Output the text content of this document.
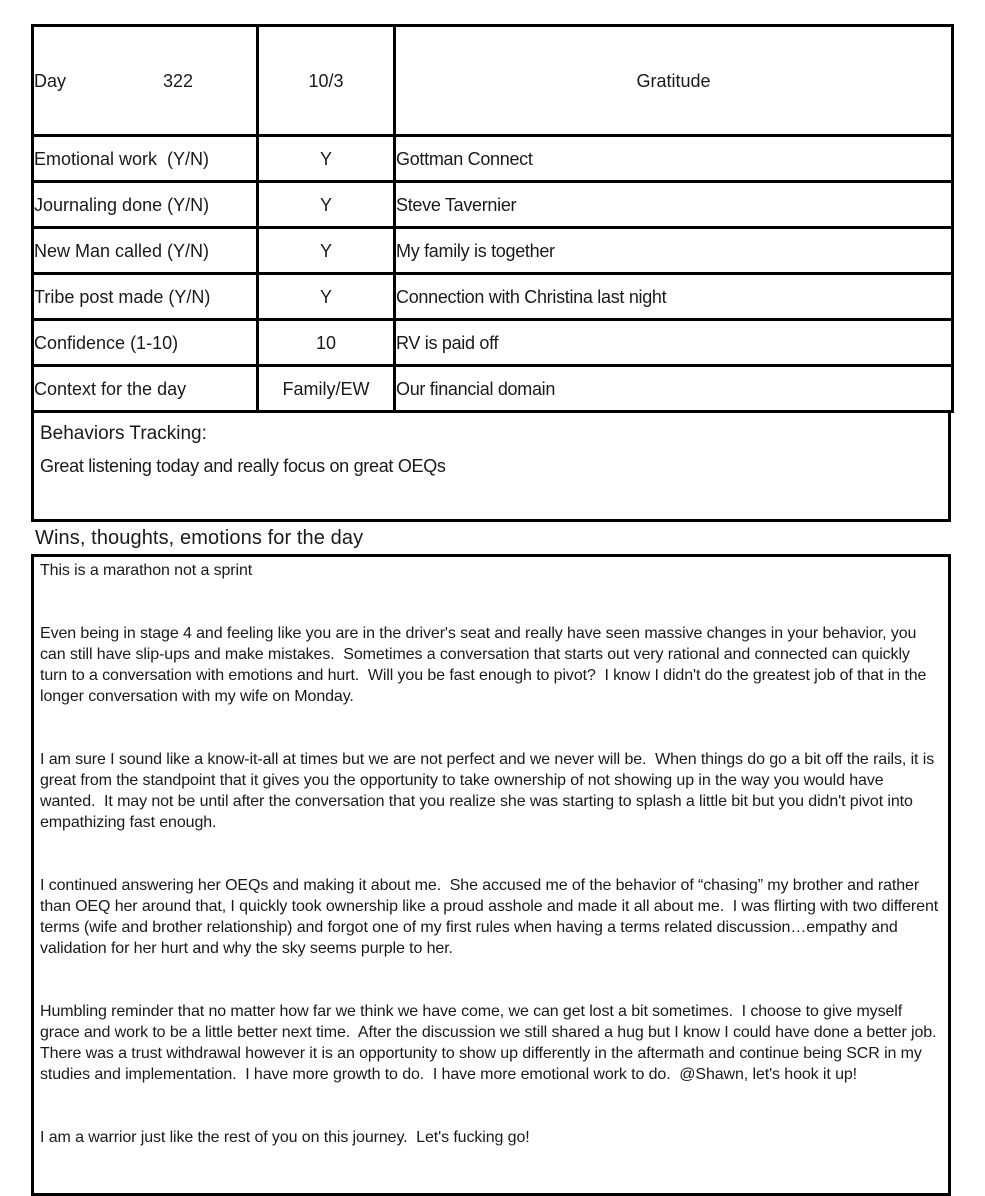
Day 322	10/3	Gratitude
Emotional work  (Y/N)	Y	Gottman Connect
Journaling done (Y/N)	Y	Steve Tavernier
New Man called (Y/N)	Y	My family is together
Tribe post made (Y/N)	Y	Connection with Christina last night
Confidence (1-10)	10	RV is paid off
Context for the day	Family/EW	Our financial domain
Behaviors Tracking:
Great listening today and really focus on great OEQs
Wins, thoughts, emotions for the day

This is a marathon not a sprint

Even being in stage 4 and feeling like you are in the driver's seat and really have seen massive changes in your behavior, you can still have slip-ups and make mistakes.  Sometimes a conversation that starts out very rational and connected can quickly turn to a conversation with emotions and hurt.  Will you be fast enough to pivot?  I know I didn't do the greatest job of that in the longer conversation with my wife on Monday.

I am sure I sound like a know-it-all at times but we are not perfect and we never will be.  When things do go a bit off the rails, it is great from the standpoint that it gives you the opportunity to take ownership of not showing up in the way you would have wanted.  It may not be until after the conversation that you realize she was starting to splash a little bit but you didn't pivot into empathizing fast enough.

I continued answering her OEQs and making it about me.  She accused me of the behavior of “chasing” my brother and rather than OEQ her around that, I quickly took ownership like a proud asshole and made it all about me.  I was flirting with two different terms (wife and brother relationship) and forgot one of my first rules when having a terms related discussion…empathy and validation for her hurt and why the sky seems purple to her.

Humbling reminder that no matter how far we think we have come, we can get lost a bit sometimes.  I choose to give myself grace and work to be a little better next time.  After the discussion we still shared a hug but I know I could have done a better job.  There was a trust withdrawal however it is an opportunity to show up differently in the aftermath and continue being SCR in my studies and implementation.  I have more growth to do.  I have more emotional work to do.  @Shawn, let's hook it up!

I am a warrior just like the rest of you on this journey.  Let's fucking go!
